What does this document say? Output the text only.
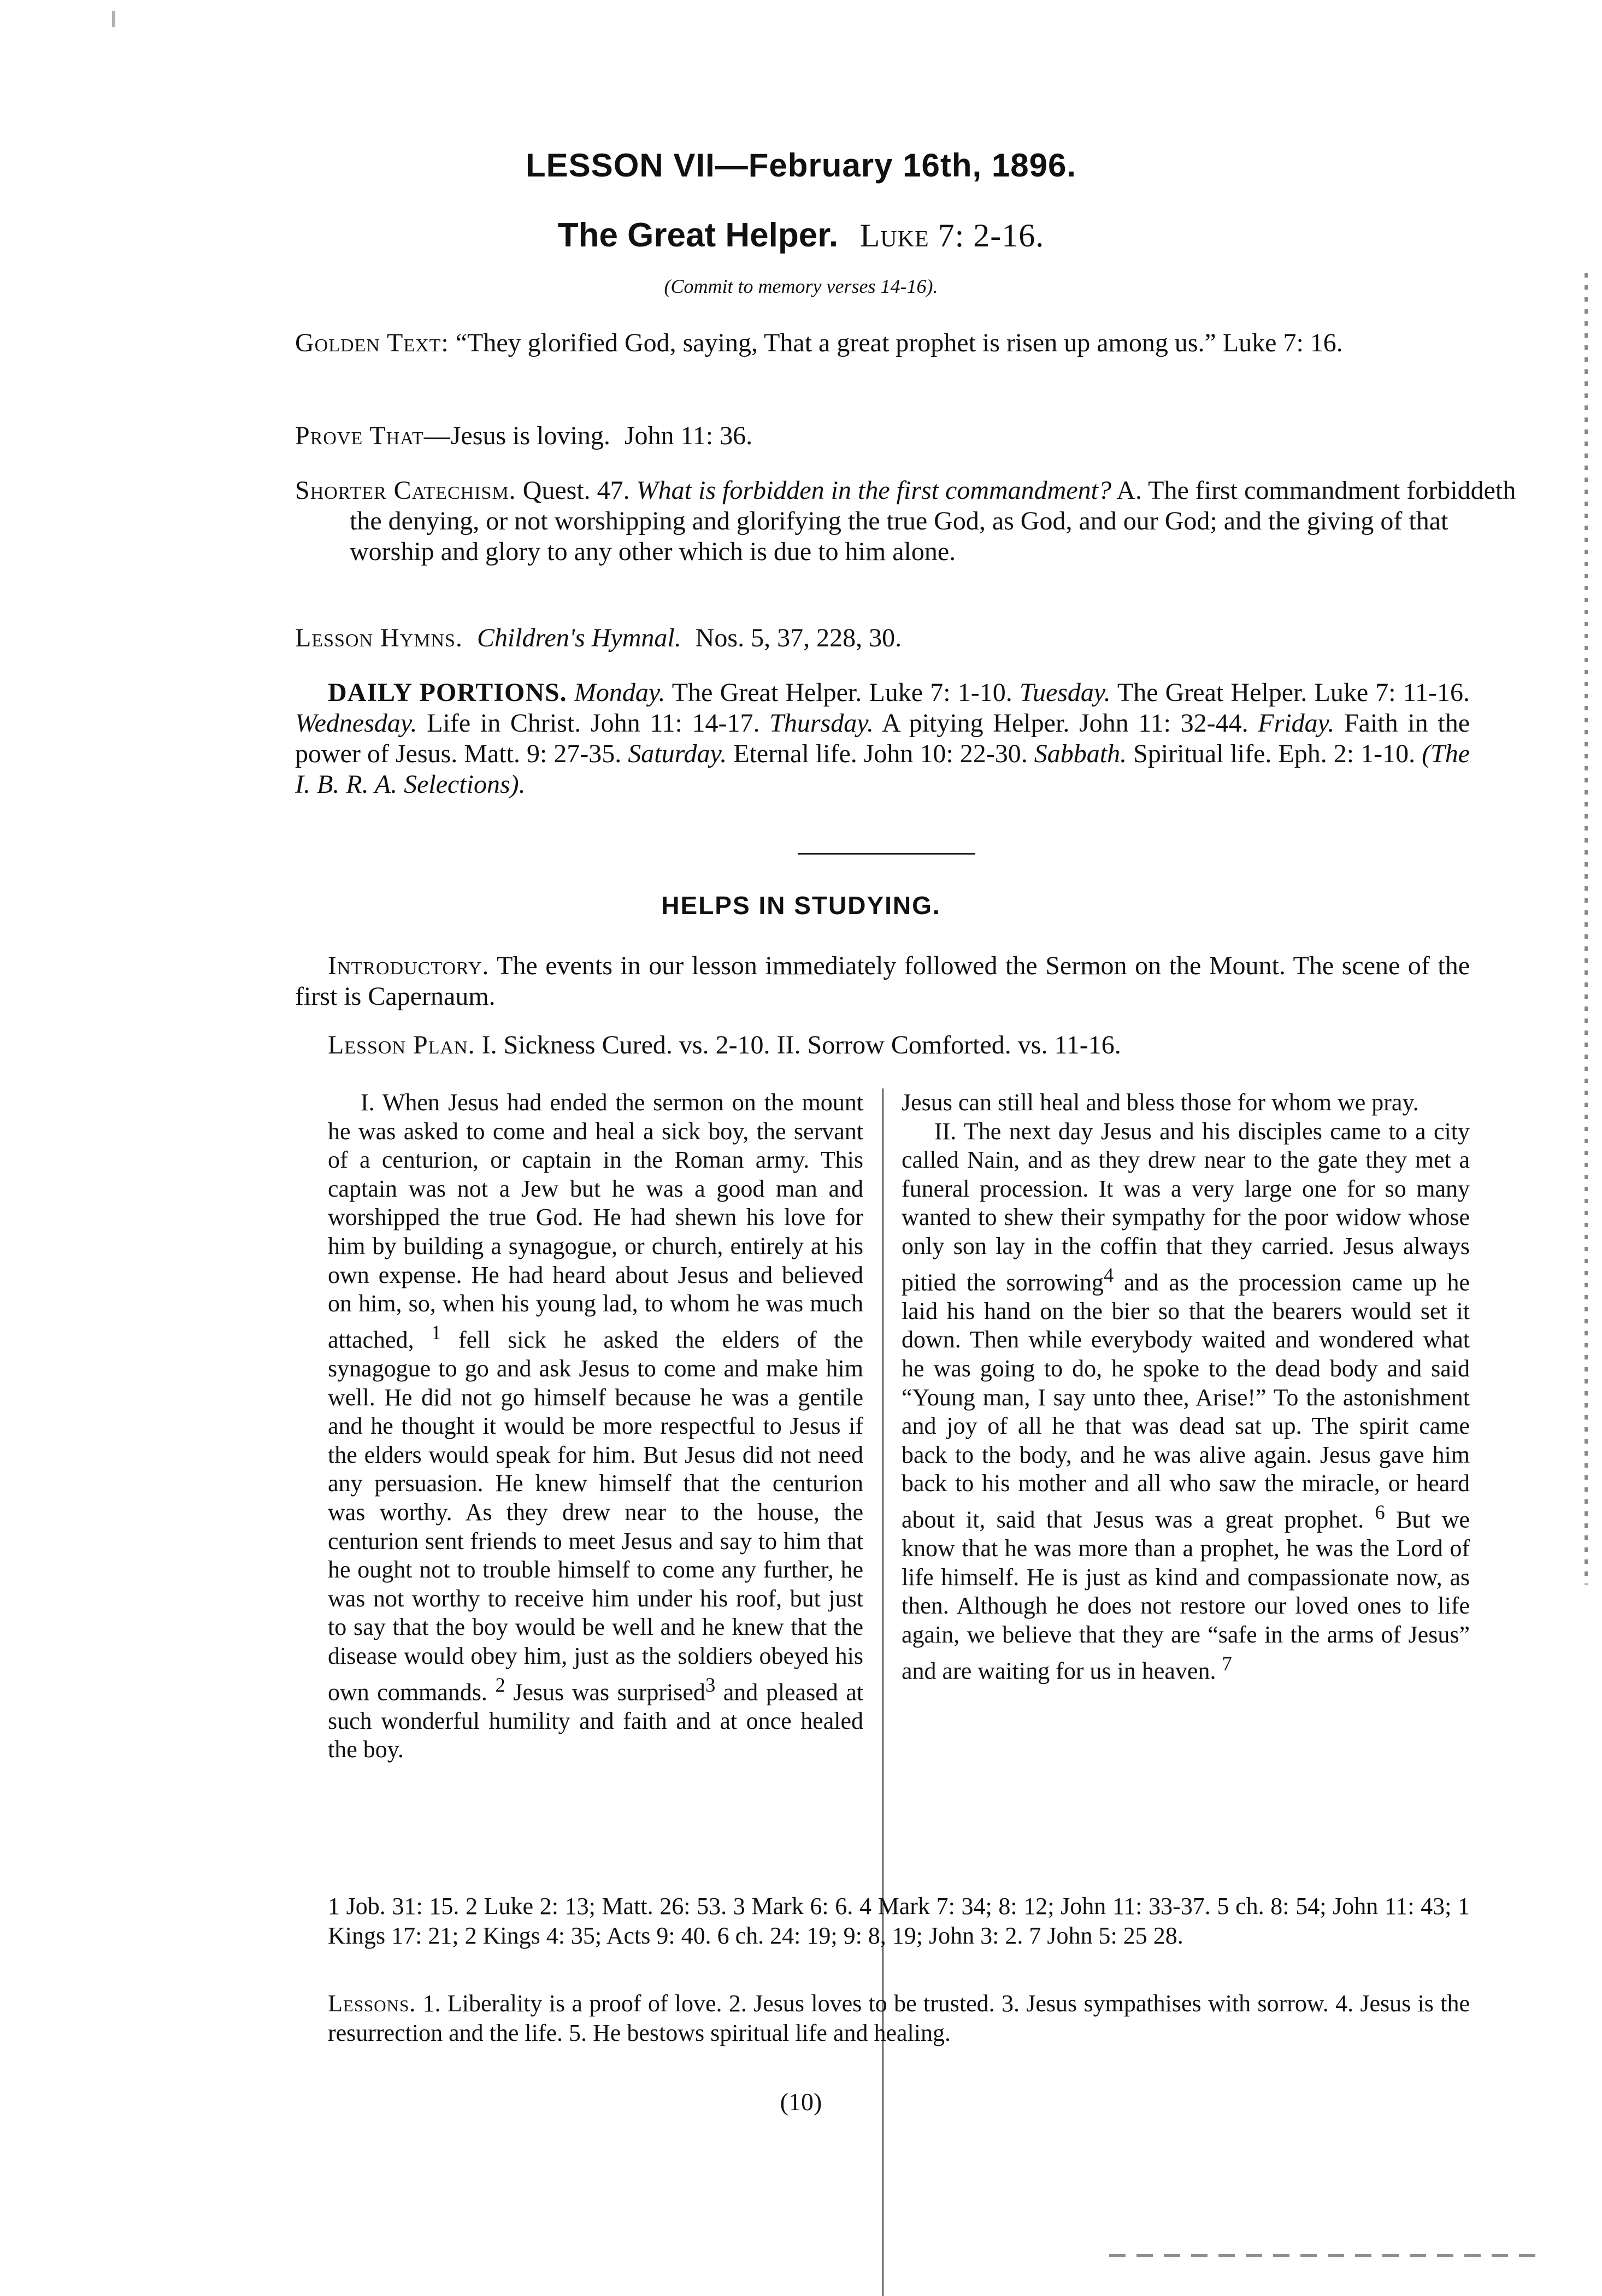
LESSON VII—February 16th, 1896.
The Great Helper. Luke 7: 2-16.
(Commit to memory verses 14-16).
Golden Text: “They glorified God, saying, That a great prophet is risen up among us.” Luke 7: 16.
Prove That—Jesus is loving. John 11: 36.
Shorter Catechism. Quest. 47. What is forbidden in the first commandment? A. The first commandment forbiddeth the denying, or not worshipping and glorifying the true God, as God, and our God; and the giving of that worship and glory to any other which is due to him alone.
Lesson Hymns. Children's Hymnal. Nos. 5, 37, 228, 30.
DAILY PORTIONS. Monday. The Great Helper. Luke 7: 1-10. Tuesday. The Great Helper. Luke 7: 11-16. Wednesday. Life in Christ. John 11: 14-17. Thursday. A pitying Helper. John 11: 32-44. Friday. Faith in the power of Jesus. Matt. 9: 27-35. Saturday. Eternal life. John 10: 22-30. Sabbath. Spiritual life. Eph. 2: 1-10. (The I. B. R. A. Selections).
HELPS IN STUDYING.
Introductory. The events in our lesson immediately followed the Sermon on the Mount. The scene of the first is Capernaum.
Lesson Plan. I. Sickness Cured. vs. 2-10. II. Sorrow Comforted. vs. 11-16.

I. When Jesus had ended the sermon on the mount he was asked to come and heal a sick boy, the servant of a centurion, or captain in the Roman army. This captain was not a Jew but he was a good man and worshipped the true God. He had shewn his love for him by building a synagogue, or church, entirely at his own expense. He had heard about Jesus and believed on him, so, when his young lad, to whom he was much attached, $^1$ fell sick he asked the elders of the synagogue to go and ask Jesus to come and make him well. He did not go himself because he was a gentile and he thought it would be more respectful to Jesus if the elders would speak for him. But Jesus did not need any persuasion. He knew himself that the centurion was worthy. As they drew near to the house, the centurion sent friends to meet Jesus and say to him that he ought not to trouble himself to come any further, he was not worthy to receive him under his roof, but just to say that the boy would be well and he knew that the disease would obey him, just as the soldiers obeyed his own commands. $^2$ Jesus was surprised$^3$ and pleased at such wonderful humility and faith and at once healed the boy.

Jesus can still heal and bless those for whom we pray.

II. The next day Jesus and his disciples came to a city called Nain, and as they drew near to the gate they met a funeral procession. It was a very large one for so many wanted to shew their sympathy for the poor widow whose only son lay in the coffin that they carried. Jesus always pitied the sorrowing$^4$ and as the procession came up he laid his hand on the bier so that the bearers would set it down. Then while everybody waited and wondered what he was going to do, he spoke to the dead body and said “Young man, I say unto thee, Arise!” To the astonishment and joy of all he that was dead sat up. The spirit came back to the body, and he was alive again. Jesus gave him back to his mother and all who saw the miracle, or heard about it, said that Jesus was a great prophet. $^6$ But we know that he was more than a prophet, he was the Lord of life himself. He is just as kind and compassionate now, as then. Although he does not restore our loved ones to life again, we believe that they are “safe in the arms of Jesus” and are waiting for us in heaven. $^7$

1 Job. 31: 15. 2 Luke 2: 13; Matt. 26: 53. 3 Mark 6: 6. 4 Mark 7: 34; 8: 12; John 11: 33-37. 5 ch. 8: 54; John 11: 43; 1 Kings 17: 21; 2 Kings 4: 35; Acts 9: 40. 6 ch. 24: 19; 9: 8, 19; John 3: 2. 7 John 5: 25 28.
Lessons. 1. Liberality is a proof of love. 2. Jesus loves to be trusted. 3. Jesus sympathises with sorrow. 4. Jesus is the resurrection and the life. 5. He bestows spiritual life and healing.
(10)
